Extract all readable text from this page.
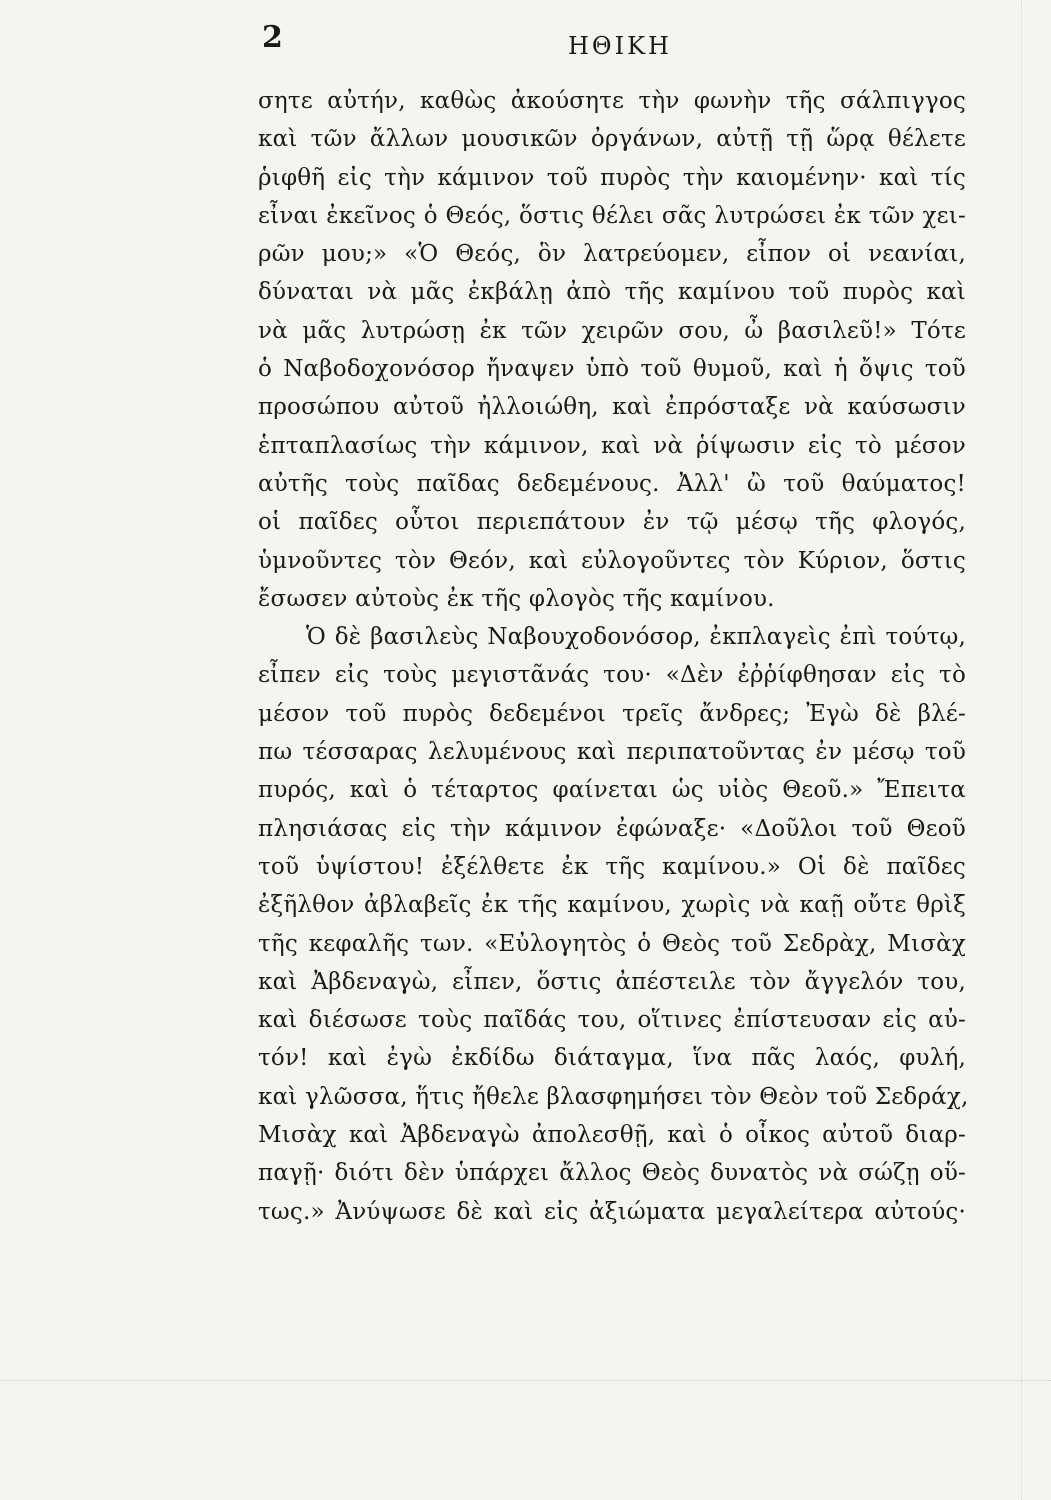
2	ΗΘΙΚΗ
σητε αὐτήν, καθὼς ἀκούσητε τὴν φωνὴν τῆς σάλπιγγος
καὶ τῶν ἄλλων μουσικῶν ὀργάνων, αὐτῇ τῇ ὥρᾳ θέλετε
ῥιφθῆ εἰς τὴν κάμινον τοῦ πυρὸς τὴν καιομένην· καὶ τίς
εἶναι ἐκεῖνος ὁ Θεός, ὅστις θέλει σᾶς λυτρώσει ἐκ τῶν χει-
ρῶν μου;» «Ὁ Θεός, ὃν λατρεύομεν, εἶπον οἱ νεανίαι,
δύναται νὰ μᾶς ἐκβάλῃ ἀπὸ τῆς καμίνου τοῦ πυρὸς καὶ
νὰ μᾶς λυτρώσῃ ἐκ τῶν χειρῶν σου, ὦ βασιλεῦ!» Τότε
ὁ Ναβοδοχονόσορ ἤναψεν ὑπὸ τοῦ θυμοῦ, καὶ ἡ ὄψις τοῦ
προσώπου αὐτοῦ ἠλλοιώθη, καὶ ἐπρόσταξε νὰ καύσωσιν
ἑπταπλασίως τὴν κάμινον, καὶ νὰ ῥίψωσιν εἰς τὸ μέσον
αὐτῆς τοὺς παῖδας δεδεμένους. Ἀλλ' ὢ τοῦ θαύματος!
οἱ παῖδες οὗτοι περιεπάτουν ἐν τῷ μέσῳ τῆς φλογός,
ὑμνοῦντες τὸν Θεόν, καὶ εὐλογοῦντες τὸν Κύριον, ὅστις
ἔσωσεν αὐτοὺς ἐκ τῆς φλογὸς τῆς καμίνου.
Ὁ δὲ βασιλεὺς Ναβουχοδονόσορ, ἐκπλαγεὶς ἐπὶ τούτῳ,
εἶπεν εἰς τοὺς μεγιστᾶνάς του· «Δὲν ἐῤῥίφθησαν εἰς τὸ
μέσον τοῦ πυρὸς δεδεμένοι τρεῖς ἄνδρες; Ἐγὼ δὲ βλέ-
πω τέσσαρας λελυμένους καὶ περιπατοῦντας ἐν μέσῳ τοῦ
πυρός, καὶ ὁ τέταρτος φαίνεται ὡς υἱὸς Θεοῦ.» Ἔπειτα
πλησιάσας εἰς τὴν κάμινον ἐφώναξε· «Δοῦλοι τοῦ Θεοῦ
τοῦ ὑψίστου! ἐξέλθετε ἐκ τῆς καμίνου.» Οἱ δὲ παῖδες
ἐξῆλθον ἀβλαβεῖς ἐκ τῆς καμίνου, χωρὶς νὰ καῇ οὔτε θρὶξ
τῆς κεφαλῆς των. «Εὐλογητὸς ὁ Θεὸς τοῦ Σεδρὰχ, Μισὰχ
καὶ Ἀβδεναγὼ, εἶπεν, ὅστις ἀπέστειλε τὸν ἄγγελόν του,
καὶ διέσωσε τοὺς παῖδάς του, οἵτινες ἐπίστευσαν εἰς αὐ-
τόν! καὶ ἐγὼ ἐκδίδω διάταγμα, ἵνα πᾶς λαός, φυλή,
καὶ γλῶσσα, ἥτις ἤθελε βλασφημήσει τὸν Θεὸν τοῦ Σεδράχ,
Μισὰχ καὶ Ἀβδεναγὼ ἀπολεσθῇ, καὶ ὁ οἶκος αὐτοῦ διαρ-
παγῇ· διότι δὲν ὑπάρχει ἄλλος Θεὸς δυνατὸς νὰ σώζῃ οὕ-
τως.» Ἀνύψωσε δὲ καὶ εἰς ἀξιώματα μεγαλείτερα αὐτούς·
